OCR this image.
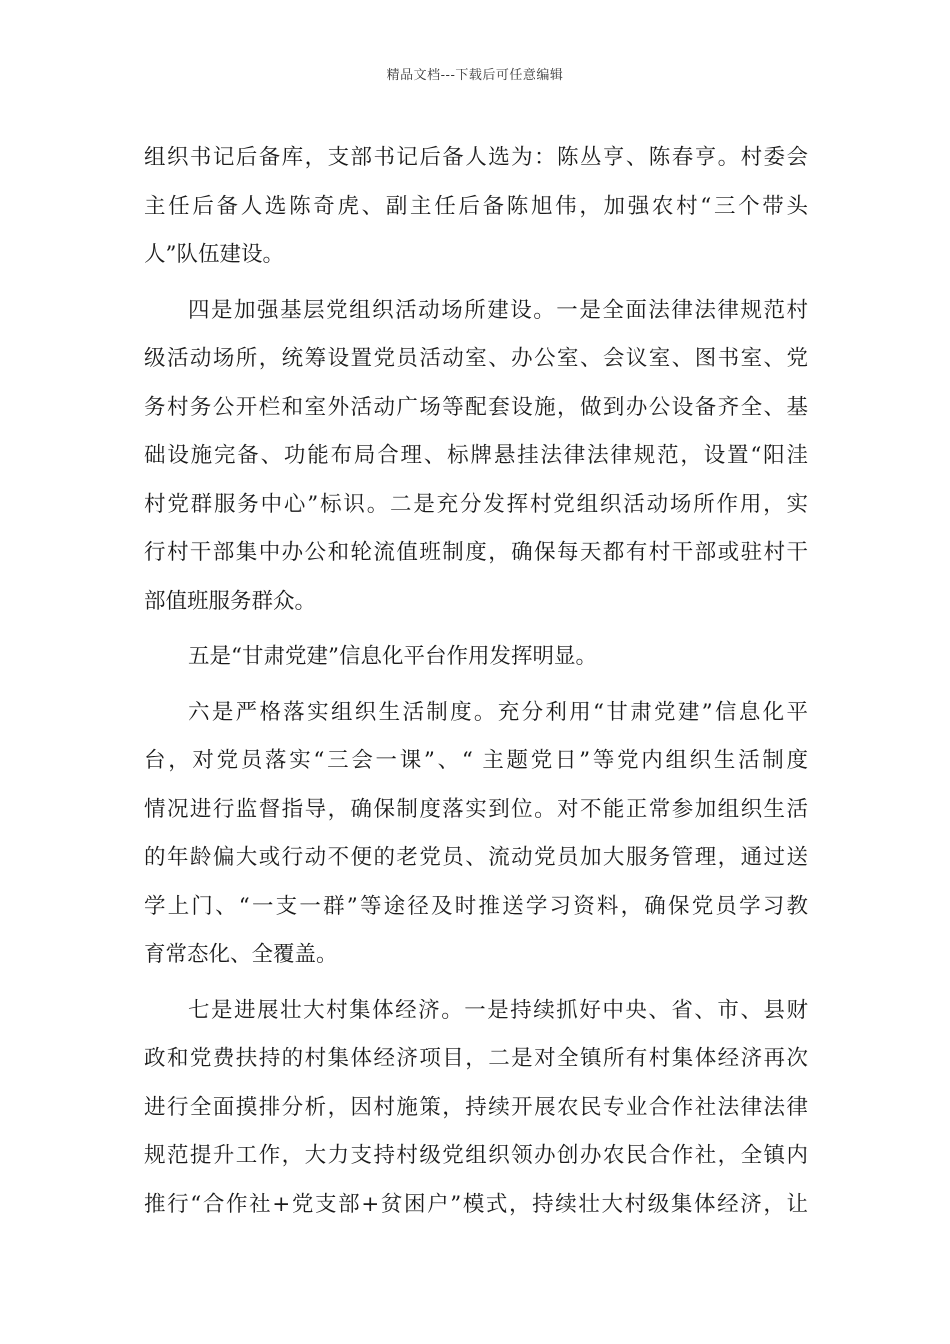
精品文档---下载后可任意编辑
组织书记后备库，支部书记后备人选为：陈丛亨、陈春亨。村委会
主任后备人选陈奇虎、副主任后备陈旭伟，加强农村“三个带头
人”队伍建设。
四是加强基层党组织活动场所建设。一是全面法律法律规范村
级活动场所，统筹设置党员活动室、办公室、会议室、图书室、党
务村务公开栏和室外活动广场等配套设施，做到办公设备齐全、基
础设施完备、功能布局合理、标牌悬挂法律法律规范，设置“阳洼
村党群服务中心”标识。二是充分发挥村党组织活动场所作用，实
行村干部集中办公和轮流值班制度，确保每天都有村干部或驻村干
部值班服务群众。
五是“甘肃党建”信息化平台作用发挥明显。
六是严格落实组织生活制度。充分利用“甘肃党建”信息化平
台，对党员落实“三会一课”、“ 主题党日”等党内组织生活制度
情况进行监督指导，确保制度落实到位。对不能正常参加组织生活
的年龄偏大或行动不便的老党员、流动党员加大服务管理，通过送
学上门、“一支一群”等途径及时推送学习资料，确保党员学习教
育常态化、全覆盖。
七是进展壮大村集体经济。一是持续抓好中央、省、市、县财
政和党费扶持的村集体经济项目，二是对全镇所有村集体经济再次
进行全面摸排分析，因村施策，持续开展农民专业合作社法律法律
规范提升工作，大力支持村级党组织领办创办农民合作社，全镇内
推行“合作社+党支部+贫困户”模式，持续壮大村级集体经济，让
